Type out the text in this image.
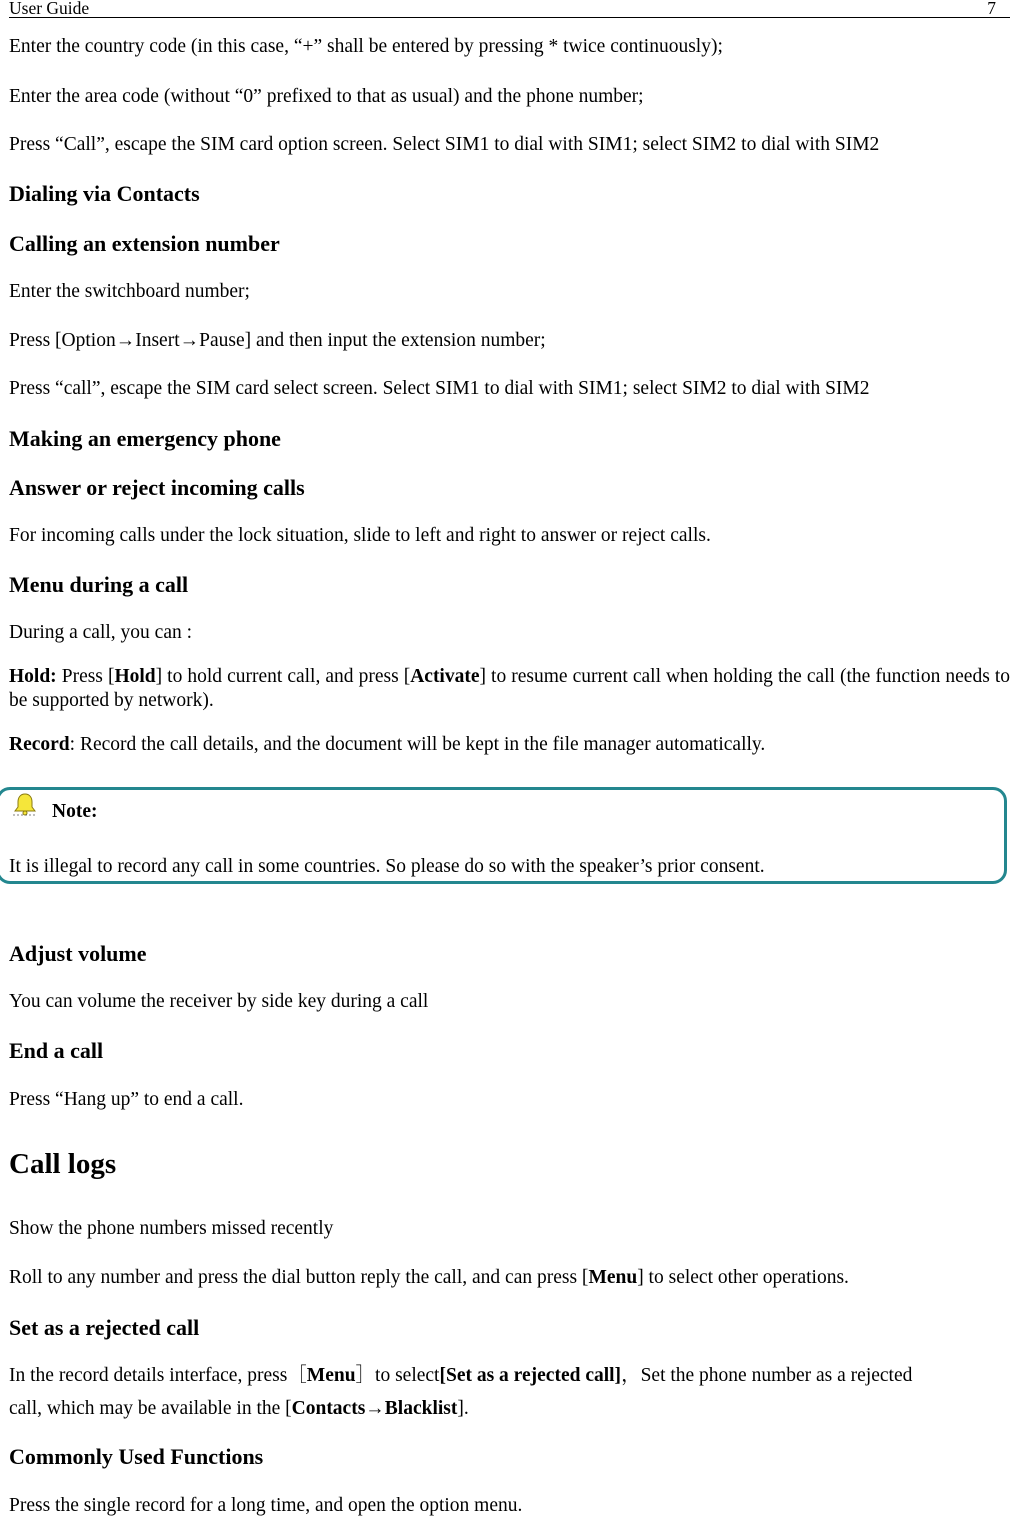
User Guide	7
Enter the country code (in this case, “+” shall be entered by pressing * twice continuously);
Enter the area code (without “0” prefixed to that as usual) and the phone number;
Press “Call”, escape the SIM card option screen. Select SIM1 to dial with SIM1; select SIM2 to dial with SIM2
Dialing via Contacts
Calling an extension number
Enter the switchboard number;
Press [Option→Insert→Pause] and then input the extension number;
Press “call”, escape the SIM card select screen. Select SIM1 to dial with SIM1; select SIM2 to dial with SIM2
Making an emergency phone
Answer or reject incoming calls
For incoming calls under the lock situation, slide to left and right to answer or reject calls.
Menu during a call
During a call, you can :
Hold: Press [Hold] to hold current call, and press [Activate] to resume current call when holding the call (the function needs to be supported by network).
Record: Record the call details, and the document will be kept in the file manager automatically.
Note:
It is illegal to record any call in some countries. So please do so with the speaker’s prior consent.
Adjust volume
You can volume the receiver by side key during a call
End a call
Press “Hang up” to end a call.
Call logs
Show the phone numbers missed recently
Roll to any number and press the dial button reply the call, and can press [Menu] to select other operations.
Set as a rejected call
In the record details interface, press［Menu］to select[Set as a rejected call]，Set the phone number as a rejected
call, which may be available in the [Contacts→Blacklist].
Commonly Used Functions
Press the single record for a long time, and open the option menu.
